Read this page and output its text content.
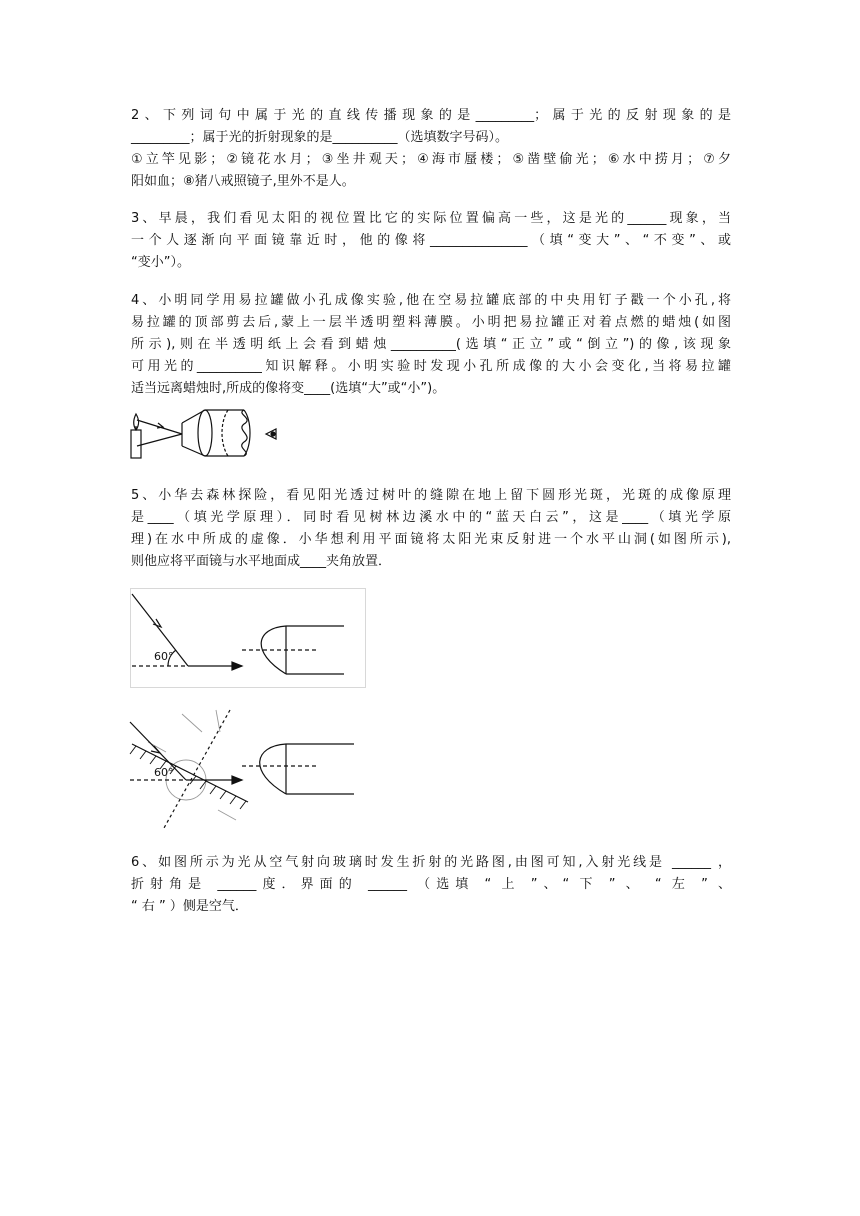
2、下列词句中属于光的直线传播现象的是_________；属于光的反射现象的是

_________；属于光的折射现象的是__________（选填数字号码）。

①立竿见影；②镜花水月；③坐井观天；④海市蜃楼；⑤凿壁偷光；⑥水中捞月；⑦夕

阳如血；⑧猪八戒照镜子,里外不是人。

3、早晨，我们看见太阳的视位置比它的实际位置偏高一些，这是光的______现象，当

一个人逐渐向平面镜靠近时，他的像将_______________（填“变大”、“不变”、或

“变小”）。

4、小明同学用易拉罐做小孔成像实验,他在空易拉罐底部的中央用钉子戳一个小孔,将

易拉罐的顶部剪去后,蒙上一层半透明塑料薄膜。小明把易拉罐正对着点燃的蜡烛(如图

所示),则在半透明纸上会看到蜡烛__________(选填“正立”或“倒立”)的像,该现象

可用光的__________知识解释。小明实验时发现小孔所成像的大小会变化,当将易拉罐

适当远离蜡烛时,所成的像将变____(选填“大”或“小”)。

5、小华去森林探险，看见阳光透过树叶的缝隙在地上留下圆形光斑，光斑的成像原理

是____（填光学原理）．同时看见树林边溪水中的“蓝天白云”，这是____（填光学原

理)在水中所成的虚像．小华想利用平面镜将太阳光束反射进一个水平山洞(如图所示),

则他应将平面镜与水平地面成____夹角放置．

60°
60°

6、如图所示为光从空气射向玻璃时发生折射的光路图,由图可知,入射光线是 ______ ，

折射角是 ______度．界面的 ______ （选填 “ 上 ”、“ 下 ” 、 “ 左 ” 、

“ 右 ” ）侧是空气．
